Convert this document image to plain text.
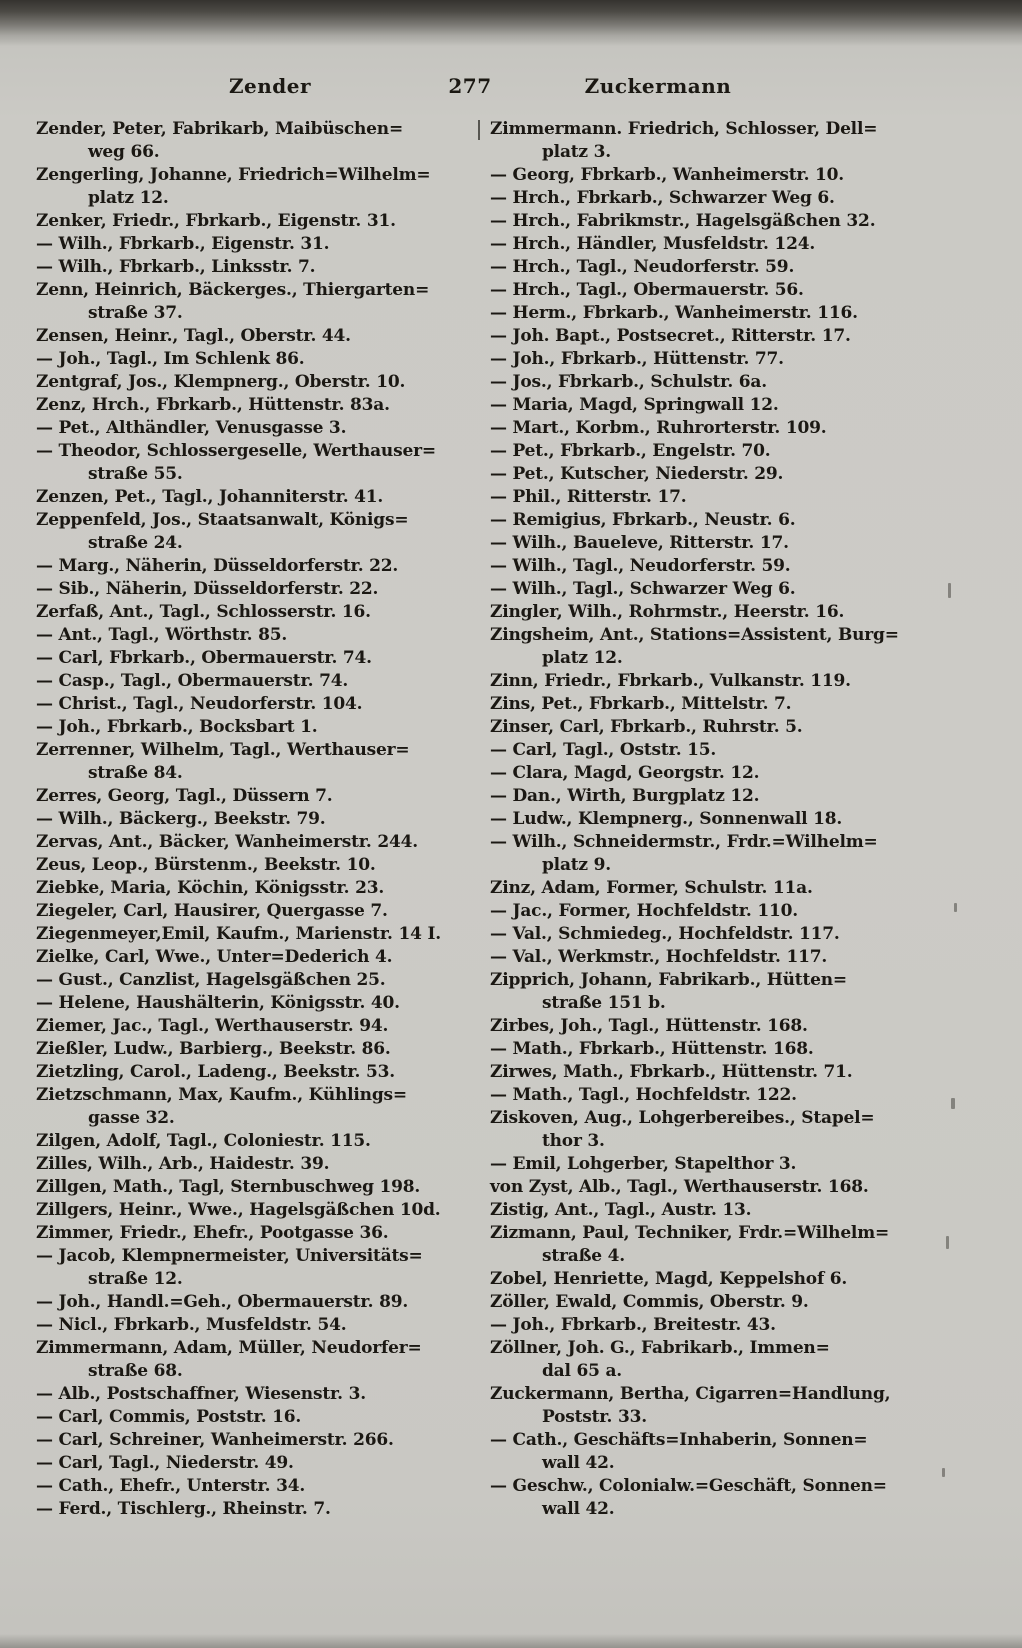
Zender	277	Zuckermann
Zender, Peter, Fabrikarb, Maibüschen=
weg 66.
Zengerling, Johanne, Friedrich=Wilhelm=
platz 12.
Zenker, Friedr., Fbrkarb., Eigenstr. 31.
— Wilh., Fbrkarb., Eigenstr. 31.
— Wilh., Fbrkarb., Linksstr. 7.
Zenn, Heinrich, Bäckerges., Thiergarten=
straße 37.
Zensen, Heinr., Tagl., Oberstr. 44.
— Joh., Tagl., Im Schlenk 86.
Zentgraf, Jos., Klempnerg., Oberstr. 10.
Zenz, Hrch., Fbrkarb., Hüttenstr. 83a.
— Pet., Althändler, Venusgasse 3.
— Theodor, Schlossergeselle, Werthauser=
straße 55.
Zenzen, Pet., Tagl., Johanniterstr. 41.
Zeppenfeld, Jos., Staatsanwalt, Königs=
straße 24.
— Marg., Näherin, Düsseldorferstr. 22.
— Sib., Näherin, Düsseldorferstr. 22.
Zerfaß, Ant., Tagl., Schlosserstr. 16.
— Ant., Tagl., Wörthstr. 85.
— Carl, Fbrkarb., Obermauerstr. 74.
— Casp., Tagl., Obermauerstr. 74.
— Christ., Tagl., Neudorferstr. 104.
— Joh., Fbrkarb., Bocksbart 1.
Zerrenner, Wilhelm, Tagl., Werthauser=
straße 84.
Zerres, Georg, Tagl., Düssern 7.
— Wilh., Bäckerg., Beekstr. 79.
Zervas, Ant., Bäcker, Wanheimerstr. 244.
Zeus, Leop., Bürstenm., Beekstr. 10.
Ziebke, Maria, Köchin, Königsstr. 23.
Ziegeler, Carl, Hausirer, Quergasse 7.
Ziegenmeyer,Emil, Kaufm., Marienstr. 14 I.
Zielke, Carl, Wwe., Unter=Dederich 4.
— Gust., Canzlist, Hagelsgäßchen 25.
— Helene, Haushälterin, Königsstr. 40.
Ziemer, Jac., Tagl., Werthauserstr. 94.
Zießler, Ludw., Barbierg., Beekstr. 86.
Zietzling, Carol., Ladeng., Beekstr. 53.
Zietzschmann, Max, Kaufm., Kühlings=
gasse 32.
Zilgen, Adolf, Tagl., Coloniestr. 115.
Zilles, Wilh., Arb., Haidestr. 39.
Zillgen, Math., Tagl, Sternbuschweg 198.
Zillgers, Heinr., Wwe., Hagelsgäßchen 10d.
Zimmer, Friedr., Ehefr., Pootgasse 36.
— Jacob, Klempnermeister, Universitäts=
straße 12.
— Joh., Handl.=Geh., Obermauerstr. 89.
— Nicl., Fbrkarb., Musfeldstr. 54.
Zimmermann, Adam, Müller, Neudorfer=
straße 68.
— Alb., Postschaffner, Wiesenstr. 3.
— Carl, Commis, Poststr. 16.
— Carl, Schreiner, Wanheimerstr. 266.
— Carl, Tagl., Niederstr. 49.
— Cath., Ehefr., Unterstr. 34.
— Ferd., Tischlerg., Rheinstr. 7.
Zimmermann. Friedrich, Schlosser, Dell=
platz 3.
— Georg, Fbrkarb., Wanheimerstr. 10.
— Hrch., Fbrkarb., Schwarzer Weg 6.
— Hrch., Fabrikmstr., Hagelsgäßchen 32.
— Hrch., Händler, Musfeldstr. 124.
— Hrch., Tagl., Neudorferstr. 59.
— Hrch., Tagl., Obermauerstr. 56.
— Herm., Fbrkarb., Wanheimerstr. 116.
— Joh. Bapt., Postsecret., Ritterstr. 17.
— Joh., Fbrkarb., Hüttenstr. 77.
— Jos., Fbrkarb., Schulstr. 6a.
— Maria, Magd, Springwall 12.
— Mart., Korbm., Ruhrorterstr. 109.
— Pet., Fbrkarb., Engelstr. 70.
— Pet., Kutscher, Niederstr. 29.
— Phil., Ritterstr. 17.
— Remigius, Fbrkarb., Neustr. 6.
— Wilh., Baueleve, Ritterstr. 17.
— Wilh., Tagl., Neudorferstr. 59.
— Wilh., Tagl., Schwarzer Weg 6.
Zingler, Wilh., Rohrmstr., Heerstr. 16.
Zingsheim, Ant., Stations=Assistent, Burg=
platz 12.
Zinn, Friedr., Fbrkarb., Vulkanstr. 119.
Zins, Pet., Fbrkarb., Mittelstr. 7.
Zinser, Carl, Fbrkarb., Ruhrstr. 5.
— Carl, Tagl., Oststr. 15.
— Clara, Magd, Georgstr. 12.
— Dan., Wirth, Burgplatz 12.
— Ludw., Klempnerg., Sonnenwall 18.
— Wilh., Schneidermstr., Frdr.=Wilhelm=
platz 9.
Zinz, Adam, Former, Schulstr. 11a.
— Jac., Former, Hochfeldstr. 110.
— Val., Schmiedeg., Hochfeldstr. 117.
— Val., Werkmstr., Hochfeldstr. 117.
Zipprich, Johann, Fabrikarb., Hütten=
straße 151 b.
Zirbes, Joh., Tagl., Hüttenstr. 168.
— Math., Fbrkarb., Hüttenstr. 168.
Zirwes, Math., Fbrkarb., Hüttenstr. 71.
— Math., Tagl., Hochfeldstr. 122.
Ziskoven, Aug., Lohgerbereibes., Stapel=
thor 3.
— Emil, Lohgerber, Stapelthor 3.
von Zyst, Alb., Tagl., Werthauserstr. 168.
Zistig, Ant., Tagl., Austr. 13.
Zizmann, Paul, Techniker, Frdr.=Wilhelm=
straße 4.
Zobel, Henriette, Magd, Keppelshof 6.
Zöller, Ewald, Commis, Oberstr. 9.
— Joh., Fbrkarb., Breitestr. 43.
Zöllner, Joh. G., Fabrikarb., Immen=
dal 65 a.
Zuckermann, Bertha, Cigarren=Handlung,
Poststr. 33.
— Cath., Geschäfts=Inhaberin, Sonnen=
wall 42.
— Geschw., Colonialw.=Geschäft, Sonnen=
wall 42.
